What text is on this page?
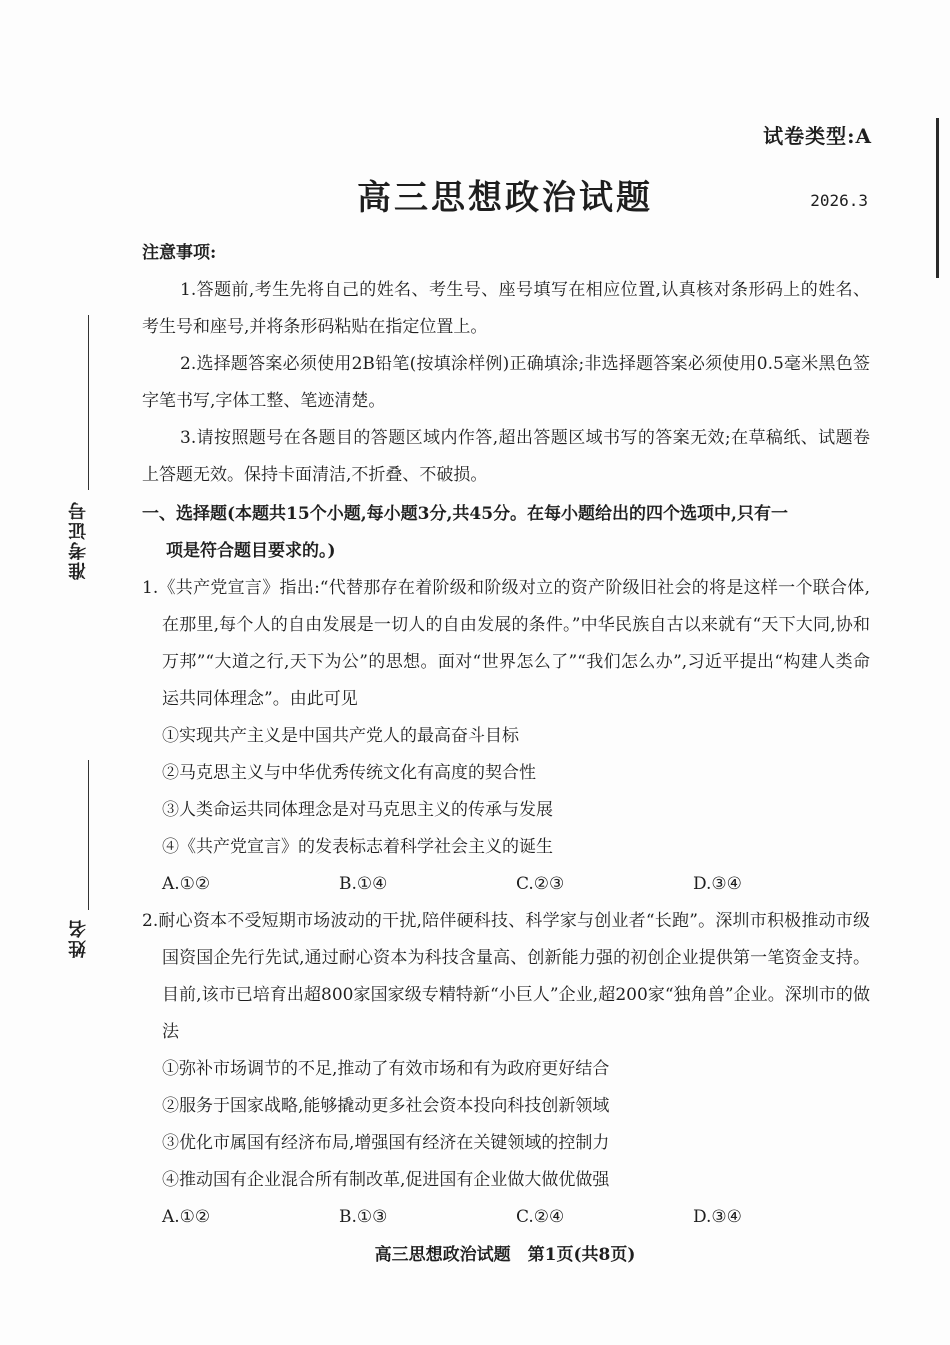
试卷类型:A
高三思想政治试题	2026.3
准考证号
姓名
注意事项:

1.答题前,考生先将自己的姓名、考生号、座号填写在相应位置,认真核对条形码上的姓名、考生号和座号,并将条形码粘贴在指定位置上。

2.选择题答案必须使用2B铅笔(按填涂样例)正确填涂;非选择题答案必须使用0.5毫米黑色签字笔书写,字体工整、笔迹清楚。

3.请按照题号在各题目的答题区域内作答,超出答题区域书写的答案无效;在草稿纸、试题卷上答题无效。保持卡面清洁,不折叠、不破损。

一、选择题(本题共15个小题,每小题3分,共45分。在每小题给出的四个选项中,只有一
项是符合题目要求的。)

1.《共产党宣言》指出:“代替那存在着阶级和阶级对立的资产阶级旧社会的将是这样一个联合体,在那里,每个人的自由发展是一切人的自由发展的条件。”中华民族自古以来就有“天下大同,协和万邦”“大道之行,天下为公”的思想。面对“世界怎么了”“我们怎么办”,习近平提出“构建人类命运共同体理念”。由此可见

①实现共产主义是中国共产党人的最高奋斗目标

②马克思主义与中华优秀传统文化有高度的契合性

③人类命运共同体理念是对马克思主义的传承与发展

④《共产党宣言》的发表标志着科学社会主义的诞生

A.①②	B.①④	C.②③	D.③④

2.耐心资本不受短期市场波动的干扰,陪伴硬科技、科学家与创业者“长跑”。深圳市积极推动市级国资国企先行先试,通过耐心资本为科技含量高、创新能力强的初创企业提供第一笔资金支持。目前,该市已培育出超800家国家级专精特新“小巨人”企业,超200家“独角兽”企业。深圳市的做法

①弥补市场调节的不足,推动了有效市场和有为政府更好结合

②服务于国家战略,能够撬动更多社会资本投向科技创新领域

③优化市属国有经济布局,增强国有经济在关键领域的控制力

④推动国有企业混合所有制改革,促进国有企业做大做优做强

A.①②	B.①③	C.②④	D.③④
高三思想政治试题　第1页(共8页)
